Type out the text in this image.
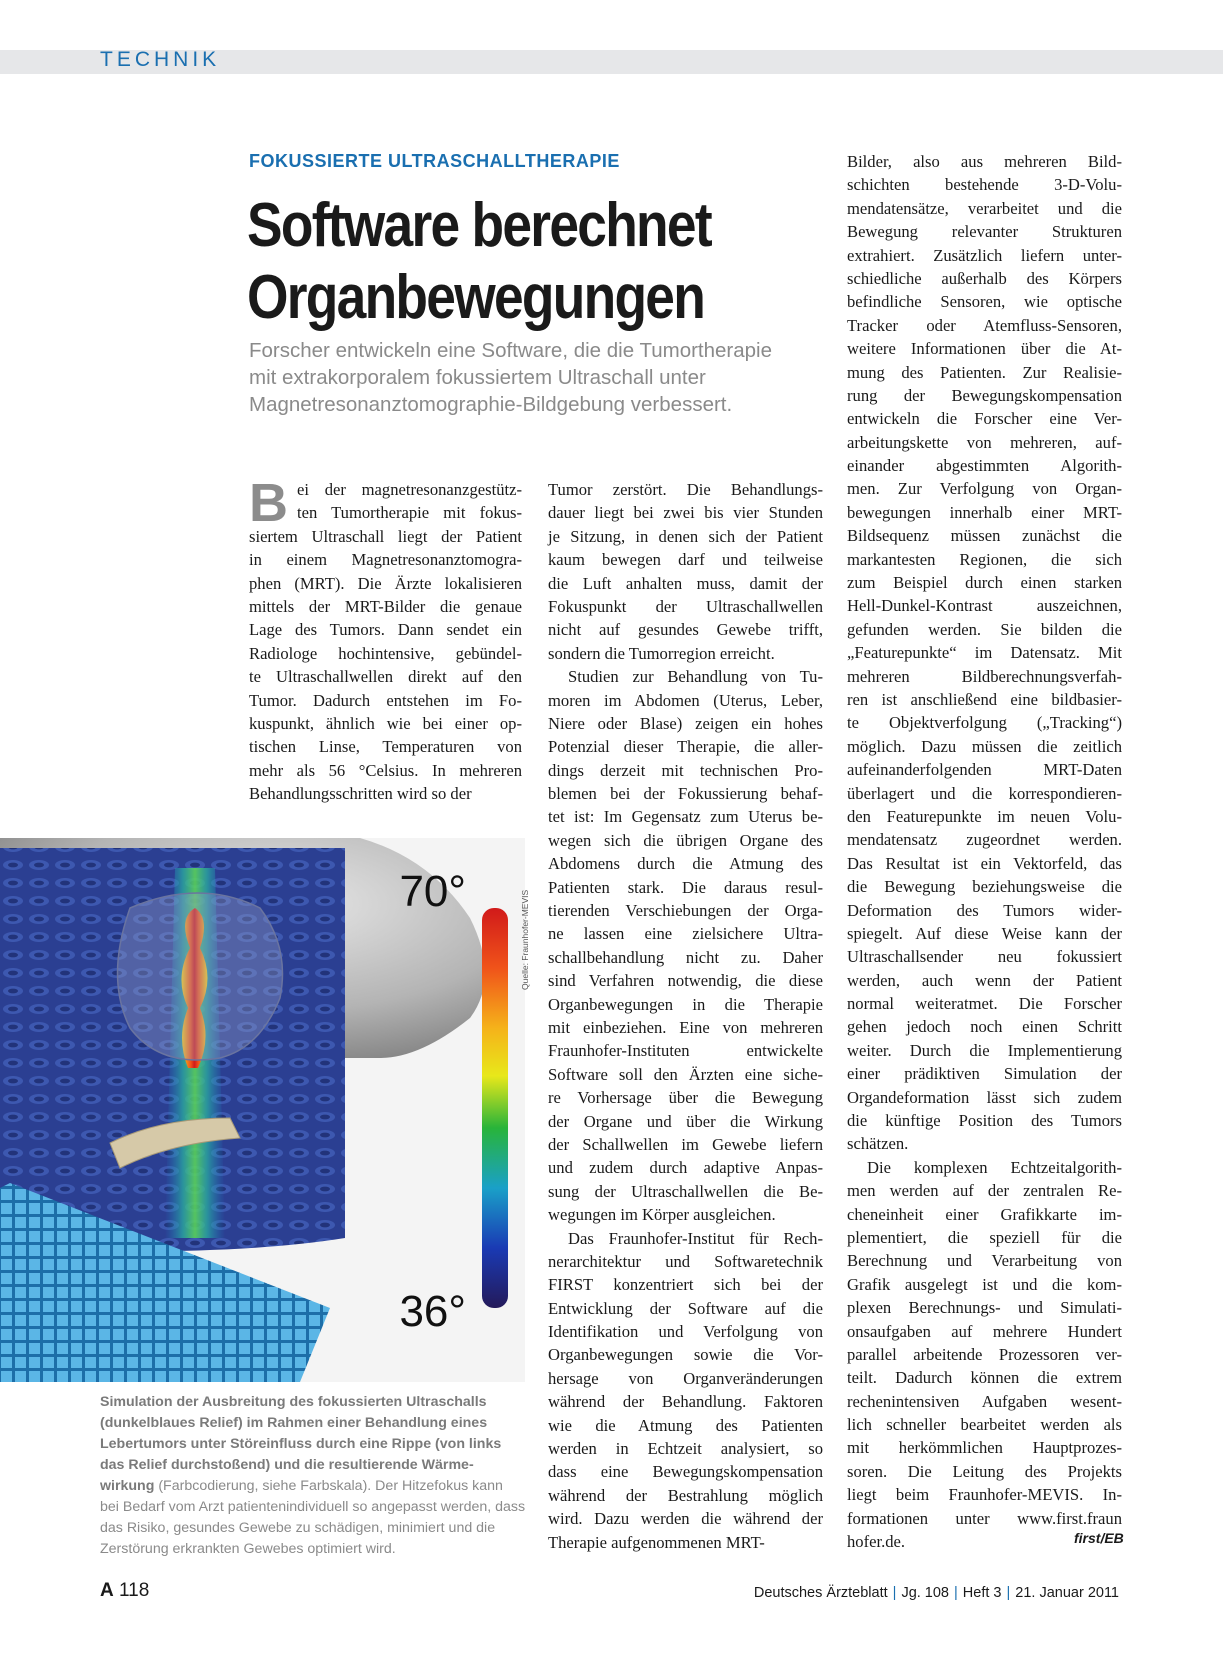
TECHNIK
FOKUSSIERTE ULTRASCHALLTHERAPIE
Software berechnet
Organbewegungen
Forscher entwickeln eine Software, die die Tumortherapie
mit extrakorporalem fokussiertem Ultraschall unter
Magnetresonanztomographie-Bildgebung verbessert.
B ei der magnetresonanzgestütz-
ten Tumortherapie mit fokus-
siertem Ultraschall liegt der Patient
in einem Magnetresonanztomogra-
phen (MRT). Die Ärzte lokalisieren
mittels der MRT-Bilder die genaue
Lage des Tumors. Dann sendet ein
Radiologe hochintensive, gebündel-
te Ultraschallwellen direkt auf den
Tumor. Dadurch entstehen im Fo-
kuspunkt, ähnlich wie bei einer op-
tischen Linse, Temperaturen von
mehr als 56 °Celsius. In mehreren
Behandlungsschritten wird so der
Tumor zerstört. Die Behandlungs-
dauer liegt bei zwei bis vier Stunden
je Sitzung, in denen sich der Patient
kaum bewegen darf und teilweise
die Luft anhalten muss, damit der
Fokuspunkt der Ultraschallwellen
nicht auf gesundes Gewebe trifft,
sondern die Tumorregion erreicht.
Studien zur Behandlung von Tu-
moren im Abdomen (Uterus, Leber,
Niere oder Blase) zeigen ein hohes
Potenzial dieser Therapie, die aller-
dings derzeit mit technischen Pro-
blemen bei der Fokussierung behaf-
tet ist: Im Gegensatz zum Uterus be-
wegen sich die übrigen Organe des
Abdomens durch die Atmung des
Patienten stark. Die daraus resul-
tierenden Verschiebungen der Orga-
ne lassen eine zielsichere Ultra-
schallbehandlung nicht zu. Daher
sind Verfahren notwendig, die diese
Organbewegungen in die Therapie
mit einbeziehen. Eine von mehreren
Fraunhofer-Instituten entwickelte
Software soll den Ärzten eine siche-
re Vorhersage über die Bewegung
der Organe und über die Wirkung
der Schallwellen im Gewebe liefern
und zudem durch adaptive Anpas-
sung der Ultraschallwellen die Be-
wegungen im Körper ausgleichen.
Das Fraunhofer-Institut für Rech-
nerarchitektur und Softwaretechnik
FIRST konzentriert sich bei der
Entwicklung der Software auf die
Identifikation und Verfolgung von
Organbewegungen sowie die Vor-
hersage von Organveränderungen
während der Behandlung. Faktoren
wie die Atmung des Patienten
werden in Echtzeit analysiert, so
dass eine Bewegungskompensation
während der Bestrahlung möglich
wird. Dazu werden die während der
Therapie aufgenommenen MRT-
Bilder, also aus mehreren Bild-
schichten bestehende 3-D-Volu-
mendatensätze, verarbeitet und die
Bewegung relevanter Strukturen
extrahiert. Zusätzlich liefern unter-
schiedliche außerhalb des Körpers
befindliche Sensoren, wie optische
Tracker oder Atemfluss-Sensoren,
weitere Informationen über die At-
mung des Patienten. Zur Realisie-
rung der Bewegungskompensation
entwickeln die Forscher eine Ver-
arbeitungskette von mehreren, auf-
einander abgestimmten Algorith-
men. Zur Verfolgung von Organ-
bewegungen innerhalb einer MRT-
Bildsequenz müssen zunächst die
markantesten Regionen, die sich
zum Beispiel durch einen starken
Hell-Dunkel-Kontrast auszeichnen,
gefunden werden. Sie bilden die
„Featurepunkte“ im Datensatz. Mit
mehreren Bildberechnungsverfah-
ren ist anschließend eine bildbasier-
te Objektverfolgung („Tracking“)
möglich. Dazu müssen die zeitlich
aufeinanderfolgenden MRT-Daten
überlagert und die korrespondieren-
den Featurepunkte im neuen Volu-
mendatensatz zugeordnet werden.
Das Resultat ist ein Vektorfeld, das
die Bewegung beziehungsweise die
Deformation des Tumors wider-
spiegelt. Auf diese Weise kann der
Ultraschallsender neu fokussiert
werden, auch wenn der Patient
normal weiteratmet. Die Forscher
gehen jedoch noch einen Schritt
weiter. Durch die Implementierung
einer prädiktiven Simulation der
Organdeformation lässt sich zudem
die künftige Position des Tumors
schätzen.
Die komplexen Echtzeitalgorith-
men werden auf der zentralen Re-
cheneinheit einer Grafikkarte im-
plementiert, die speziell für die
Berechnung und Verarbeitung von
Grafik ausgelegt ist und die kom-
plexen Berechnungs- und Simulati-
onsaufgaben auf mehrere Hundert
parallel arbeitende Prozessoren ver-
teilt. Dadurch können die extrem
rechenintensiven Aufgaben wesent-
lich schneller bearbeitet werden als
mit herkömmlichen Hauptprozes-
soren. Die Leitung des Projekts
liegt beim Fraunhofer-MEVIS. In-
formationen unter www.first.fraun
hofer.de.
70°
36°
Quelle: Fraunhofer-MEVIS
Simulation der Ausbreitung des fokussierten Ultraschalls
(dunkelblaues Relief) im Rahmen einer Behandlung eines
Lebertumors unter Störeinfluss durch eine Rippe (von links
das Relief durchstoßend) und die resultierende Wärme-
wirkung (Farbcodierung, siehe Farbskala). Der Hitzefokus kann
bei Bedarf vom Arzt patientenindividuell so angepasst werden, dass
das Risiko, gesundes Gewebe zu schädigen, minimiert und die
Zerstörung erkrankten Gewebes optimiert wird.
first/EB
A 118	Deutsches Ärzteblatt | Jg. 108 | Heft 3 | 21. Januar 2011
